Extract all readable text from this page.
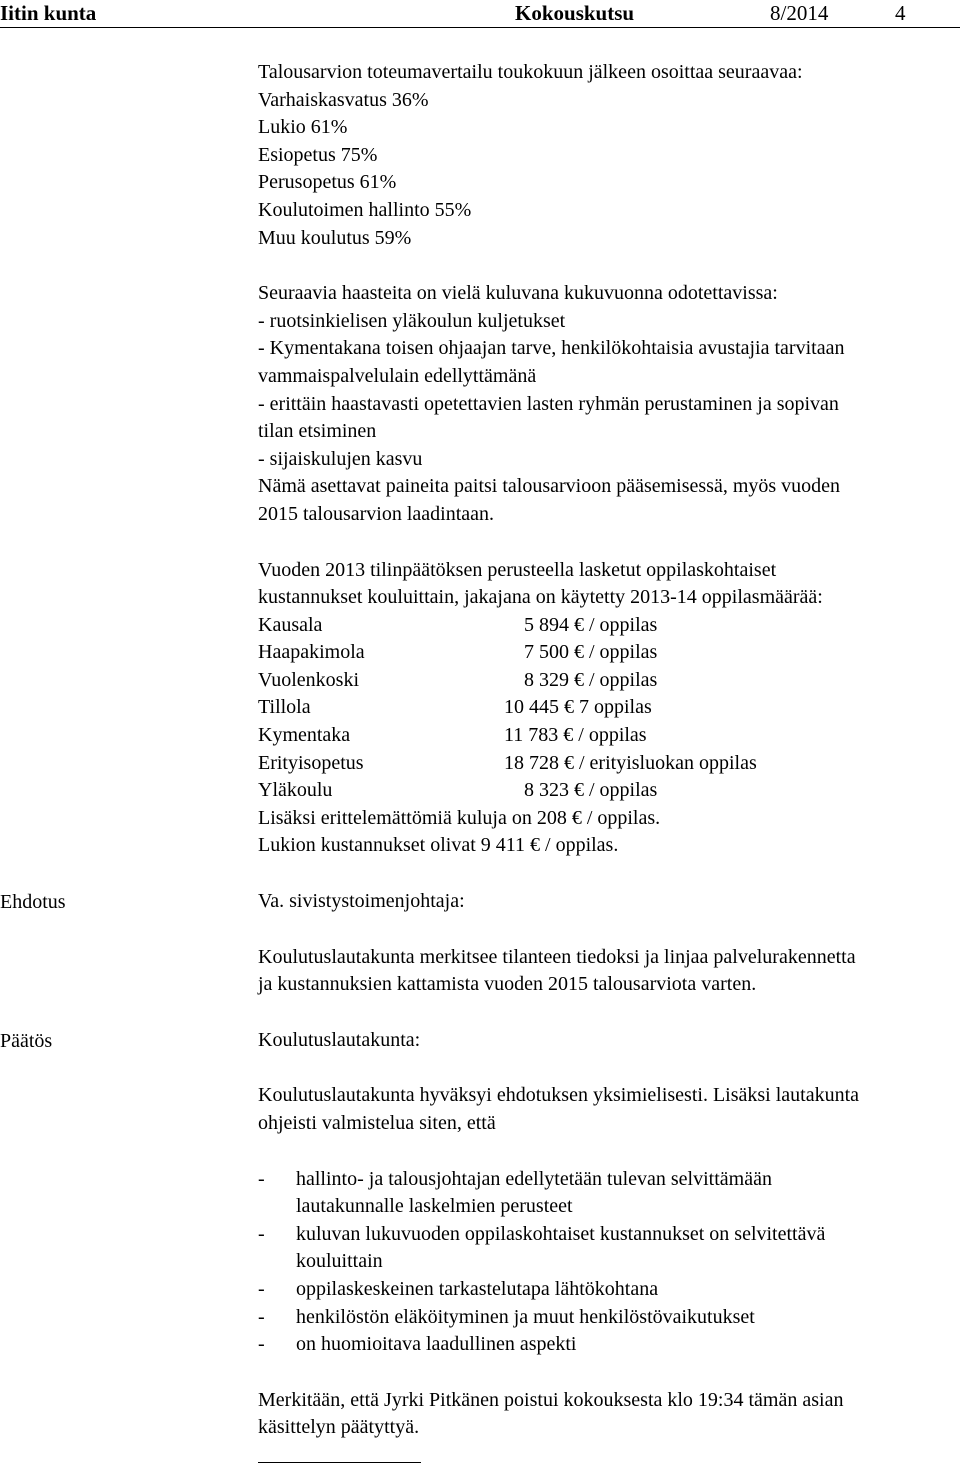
Iitin kunta	Kokouskutsu	8/2014	4
Ehdotus
Päätös

Talousarvion toteumavertailu toukokuun jälkeen osoittaa seuraavaa:

Varhaiskasvatus 36%

Lukio 61%

Esiopetus 75%

Perusopetus 61%

Koulutoimen hallinto 55%

Muu koulutus 59%

Seuraavia haasteita on vielä kuluvana kukuvuonna odotettavissa:

- ruotsinkielisen yläkoulun kuljetukset

- Kymentakana toisen ohjaajan tarve, henkilökohtaisia avustajia tarvitaan

vammaispalvelulain edellyttämänä

- erittäin haastavasti opetettavien lasten ryhmän perustaminen ja sopivan

tilan etsiminen

- sijaiskulujen kasvu

Nämä asettavat paineita paitsi talousarvioon pääsemisessä, myös vuoden

2015 talousarvion laadintaan.

Vuoden 2013 tilinpäätöksen perusteella lasketut oppilaskohtaiset

kustannukset kouluittain, jakajana on käytetty 2013-14 oppilasmäärää:

Kausala	5 894 € / oppilas
Haapakimola	7 500 € / oppilas
Vuolenkoski	8 329 € / oppilas
Tillola	10 445 € 7 oppilas
Kymentaka	11 783 € / oppilas
Erityisopetus	18 728 € / erityisluokan oppilas
Yläkoulu	8 323 € / oppilas

Lisäksi erittelemättömiä kuluja on 208 € / oppilas.

Lukion kustannukset olivat 9 411 € / oppilas.

Va. sivistystoimenjohtaja:

Koulutuslautakunta merkitsee tilanteen tiedoksi ja linjaa palvelurakennetta

ja kustannuksien kattamista vuoden 2015 talousarviota varten.

Koulutuslautakunta:

Koulutuslautakunta hyväksyi ehdotuksen yksimielisesti. Lisäksi lautakunta

ohjeisti valmistelua siten, että

- hallinto- ja talousjohtajan edellytetään tulevan selvittämään
lautakunnalle laskelmien perusteet
- kuluvan lukuvuoden oppilaskohtaiset kustannukset on selvitettävä
kouluittain
- oppilaskeskeinen tarkastelutapa lähtökohtana
- henkilöstön eläköityminen ja muut henkilöstövaikutukset
- on huomioitava laadullinen aspekti

Merkitään, että Jyrki Pitkänen poistui kokouksesta klo 19:34 tämän asian

käsittelyn päätyttyä.
